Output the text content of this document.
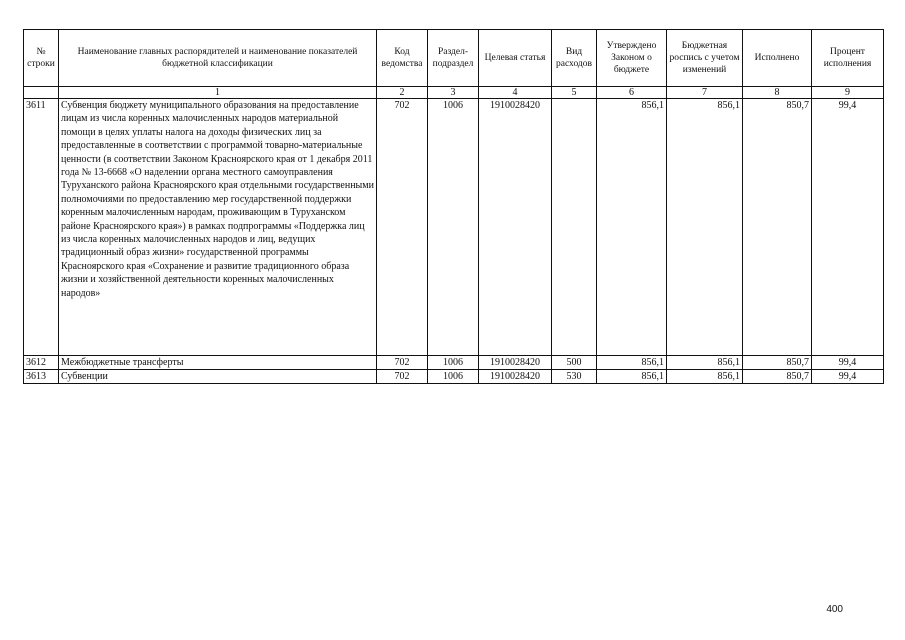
№ строки	Наименование главных распорядителей и наименование показателей бюджетной классификации	Код ведомства	Раздел-подраздел	Целевая статья	Вид расходов	Утверждено Законом о бюджете	Бюджетная роспись с учетом изменений	Исполнено	Процент исполнения
	1	2	3	4	5	6	7	8	9
3611	Субвенция бюджету муниципального образования на предоставление лицам из числа коренных малочисленных народов материальной помощи в целях уплаты налога на доходы физических лиц за предоставленные в соответствии с программой товарно-материальные ценности (в соответствии Законом Красноярского края от 1 декабря 2011 года № 13-6668 «О наделении органа местного самоуправления Туруханского района Красноярского края отдельными государственными полномочиями по предоставлению мер государственной поддержки коренным малочисленным народам, проживающим в Туруханском районе Красноярского края») в рамках подпрограммы «Поддержка лиц из числа коренных малочисленных народов и лиц, ведущих традиционный образ жизни» государственной программы Красноярского края «Сохранение и развитие традиционного образа жизни и хозяйственной деятельности коренных малочисленных народов»	702	1006	1910028420		856,1	856,1	850,7	99,4
3612	Межбюджетные трансферты	702	1006	1910028420	500	856,1	856,1	850,7	99,4
3613	Субвенции	702	1006	1910028420	530	856,1	856,1	850,7	99,4
400
